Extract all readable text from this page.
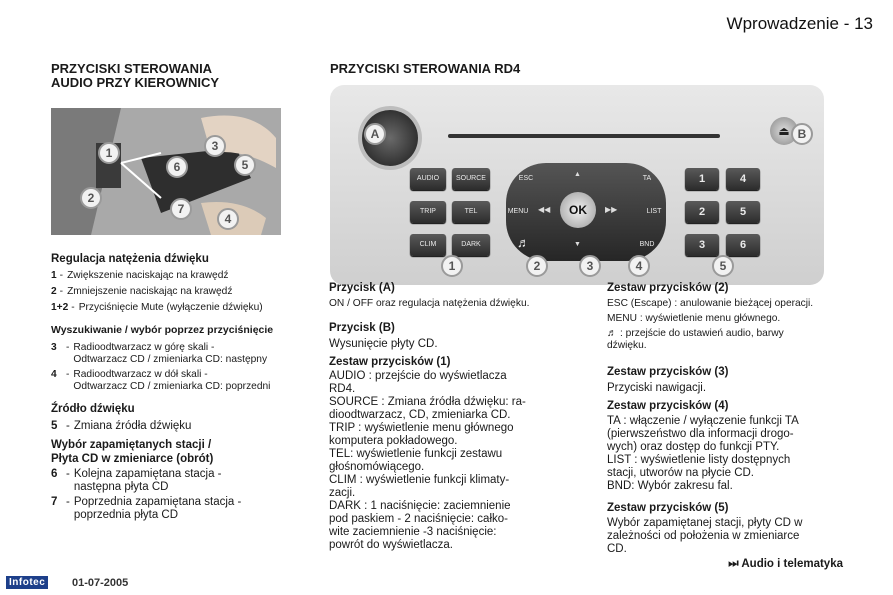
Wprowadzenie - 13
PRZYCISKI STEROWANIA
AUDIO PRZY KIEROWNICY
1
2
3
4
5
6
7
Regulacja natężenia dźwięku
1 - Zwiększenie naciskając na krawędź
2 - Zmniejszenie naciskając na krawędź
1+2 - Przyciśnięcie Mute (wyłączenie dźwięku)
Wyszukiwanie / wybór poprzez przyciśnięcie
3 - Radioodtwarzacz w górę skali -
Odtwarzacz CD / zmieniarka CD: następny
4 - Radioodtwarzacz w dół skali -
Odtwarzacz CD / zmieniarka CD: poprzedni
Źródło dźwięku
5 - Zmiana źródła dźwięku
Wybór zapamiętanych stacji /
Płyta CD w zmieniarce (obrót)
6 - Kolejna zapamiętana stacja -
następna płyta CD
7 - Poprzednia zapamiętana stacja -
poprzednia płyta CD
PRZYCISKI STEROWANIA RD4
⏏
A	B
AUDIO	SOURCE
TRIP	TEL
CLIM	DARK
ESC
MENU
♬
TA
LIST
BND
OK
▲
▼
◀◀	▶▶
1	4
2	5
3	6
1	2	3	4	5
Przycisk (A)
ON / OFF oraz regulacja natężenia dźwięku.
Przycisk (B)
Wysunięcie płyty CD.
Zestaw przycisków (1)
AUDIO : przejście do wyświetlacza
RD4.
SOURCE : Zmiana źródła dźwięku: ra-
dioodtwarzacz, CD, zmieniarka CD.
TRIP : wyświetlenie menu głównego
komputera pokładowego.
TEL: wyświetlenie funkcji zestawu
głośnomówiącego.
CLIM : wyświetlenie funkcji klimaty-
zacji.
DARK : 1 naciśnięcie: zaciemnienie
pod paskiem - 2 naciśnięcie: całko-
wite zaciemnienie -3 naciśnięcie:
powrót do wyświetlacza.
Zestaw przycisków (2)
ESC (Escape) : anulowanie bieżącej operacji.
MENU : wyświetlenie menu głównego.
♬ : przejście do ustawień audio, barwy
dźwięku.
Zestaw przycisków (3)
Przyciski nawigacji.
Zestaw przycisków (4)
TA : włączenie / wyłączenie funkcji TA
(pierwszeństwo dla informacji drogo-
wych) oraz dostęp do funkcji PTY.
LIST : wyświetlenie listy dostępnych
stacji, utworów na płycie CD.
BND: Wybór zakresu fal.
Zestaw przycisków (5)
Wybór zapamiętanej stacji, płyty CD w
zależności od położenia w zmieniarce
CD.
⏭ Audio i telematyka
Infotec 01-07-2005
